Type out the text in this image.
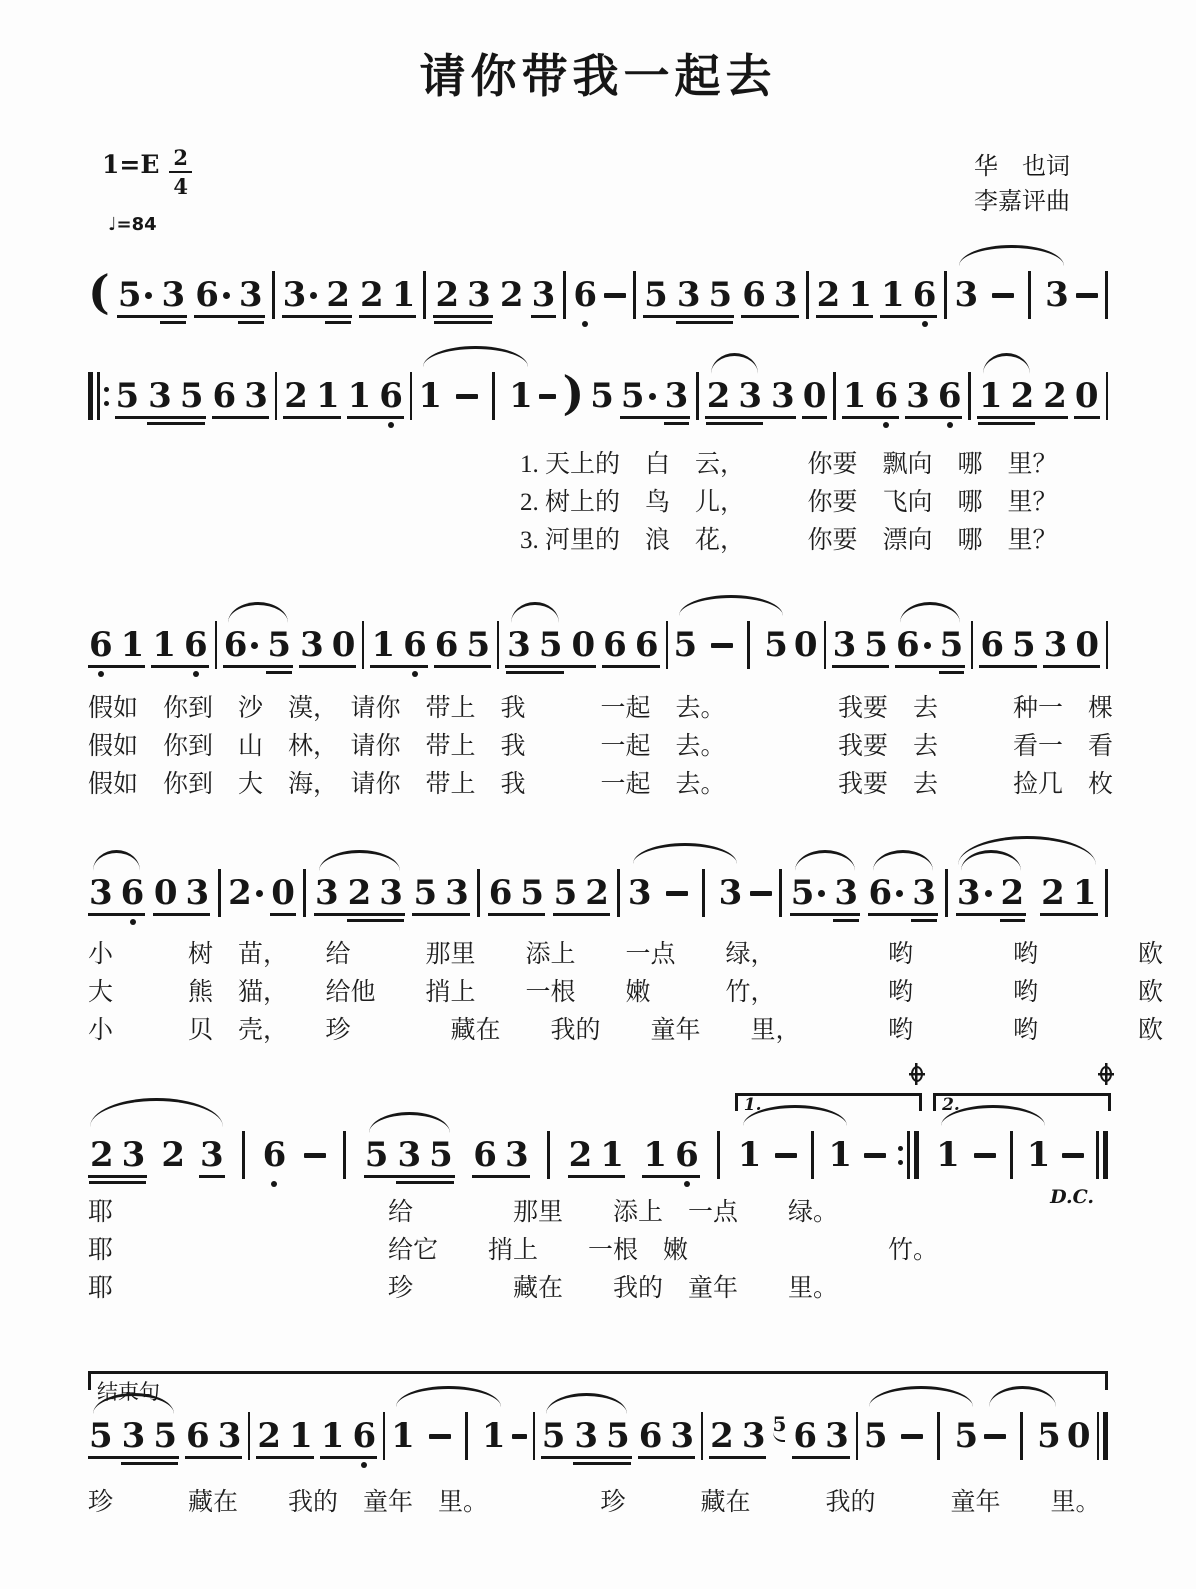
请你带我一起去
$1=E \frac{2}{4}$	华　也词
李嘉评曲
♩=84
( 5 3 6 3 3 2 2 1 2 3 2 3 6 5 3 5 6 3 2 1 1 6 3 3
5 3 5 6 3 2 1 1 6 1 1 ) 5 5 3 2 3 3 0 1 6 3 6 1 2 2 0
1. 天上的　白　云，　　　你要　飘向　哪　里？
2. 树上的　鸟　儿，　　　你要　飞向　哪　里？
3. 河里的　浪　花，　　　你要　漂向　哪　里？
6 1 1 6 6 5 3 0 1 6 6 5 3 5 0 6 6 5 5 0 3 5 6 5 6 5 3 0
假如　你到　沙　漠，　请你　带上　我　　　一起　去。　　　　　我要　去　　　种一　棵
假如　你到　山　林，　请你　带上　我　　　一起　去。　　　　　我要　去　　　看一　看
假如　你到　大　海，　请你　带上　我　　　一起　去。　　　　　我要　去　　　捡几　枚
3 6 0 3 2 0 3 2 3 5 3 6 5 5 2 3 3 5 3 6 3 3 2 2 1
小　　　树　苗，　　给　　　那里　　添上　　一点　　绿，　　　　　哟　　　　哟　　　　欧
大　　　熊　猫，　　给他　　捎上　　一根　　嫩　　　竹，　　　　　哟　　　　哟　　　　欧
小　　　贝　壳，　　珍　　　　藏在　　我的　　童年　　里，　　　　哟　　　　哟　　　　欧
2 3 2 3 6 5 3 5 6 3 2 1 1 6
1.
1 1
2.
1 1
D.C.
耶　　　　　　　　　　　给　　　　那里　　添上　一点　　绿。
耶　　　　　　　　　　　给它　　捎上　　一根　嫩　　　　　　　　竹。
耶　　　　　　　　　　　珍　　　　藏在　　我的　童年　　里。
结束句
5 3 5 6 3 2 1 1 6 1 1 5 3 5 6 3 2 3 5 6 3 5 5 5 0
珍　　　藏在　　我的　童年　里。　　　　　珍　　　藏在　　　我的　　　童年　　里。
